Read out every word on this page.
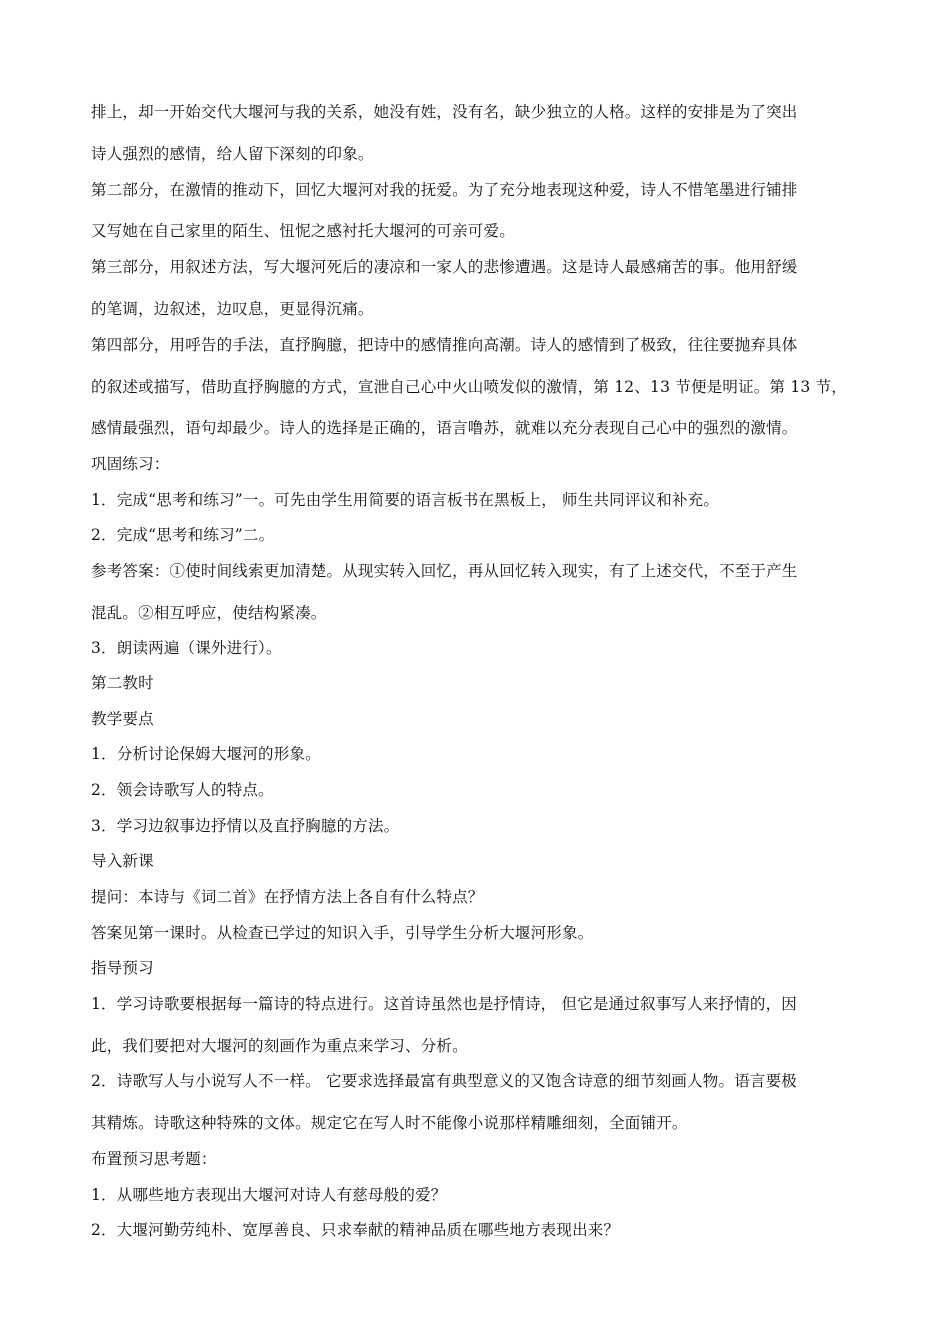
排上，却一开始交代大堰河与我的关系，她没有姓，没有名，缺少独立的人格。这样的安排是为了突出
诗人强烈的感情，给人留下深刻的印象。
第二部分，在激情的推动下，回忆大堰河对我的抚爱。为了充分地表现这种爱，诗人不惜笔墨进行铺排
又写她在自己家里的陌生、忸怩之感衬托大堰河的可亲可爱。
第三部分，用叙述方法，写大堰河死后的凄凉和一家人的悲惨遭遇。这是诗人最感痛苦的事。他用舒缓
的笔调，边叙述，边叹息，更显得沉痛。
第四部分，用呼告的手法，直抒胸臆，把诗中的感情推向高潮。诗人的感情到了极致，往往要抛弃具体
的叙述或描写，借助直抒胸臆的方式，宣泄自己心中火山喷发似的激情，第 12、13 节便是明证。第 13 节，
感情最强烈，语句却最少。诗人的选择是正确的，语言噜苏，就难以充分表现自己心中的强烈的激情。
巩固练习：
1．完成“思考和练习”一。可先由学生用简要的语言板书在黑板上， 师生共同评议和补充。
2．完成“思考和练习”二。
参考答案：①使时间线索更加清楚。从现实转入回忆，再从回忆转入现实，有了上述交代，不至于产生
混乱。②相互呼应，使结构紧凑。
3．朗读两遍（课外进行）。
第二教时
教学要点
1．分析讨论保姆大堰河的形象。
2．领会诗歌写人的特点。
3．学习边叙事边抒情以及直抒胸臆的方法。
导入新课
提问：本诗与《词二首》在抒情方法上各自有什么特点？
答案见第一课时。从检查已学过的知识入手，引导学生分析大堰河形象。
指导预习
1．学习诗歌要根据每一篇诗的特点进行。这首诗虽然也是抒情诗， 但它是通过叙事写人来抒情的，因
此，我们要把对大堰河的刻画作为重点来学习、分析。
2．诗歌写人与小说写人不一样。 它要求选择最富有典型意义的又饱含诗意的细节刻画人物。语言要极
其精炼。诗歌这种特殊的文体。规定它在写人时不能像小说那样精雕细刻，全面铺开。
布置预习思考题：
1．从哪些地方表现出大堰河对诗人有慈母般的爱？
2．大堰河勤劳纯朴、宽厚善良、只求奉献的精神品质在哪些地方表现出来？
